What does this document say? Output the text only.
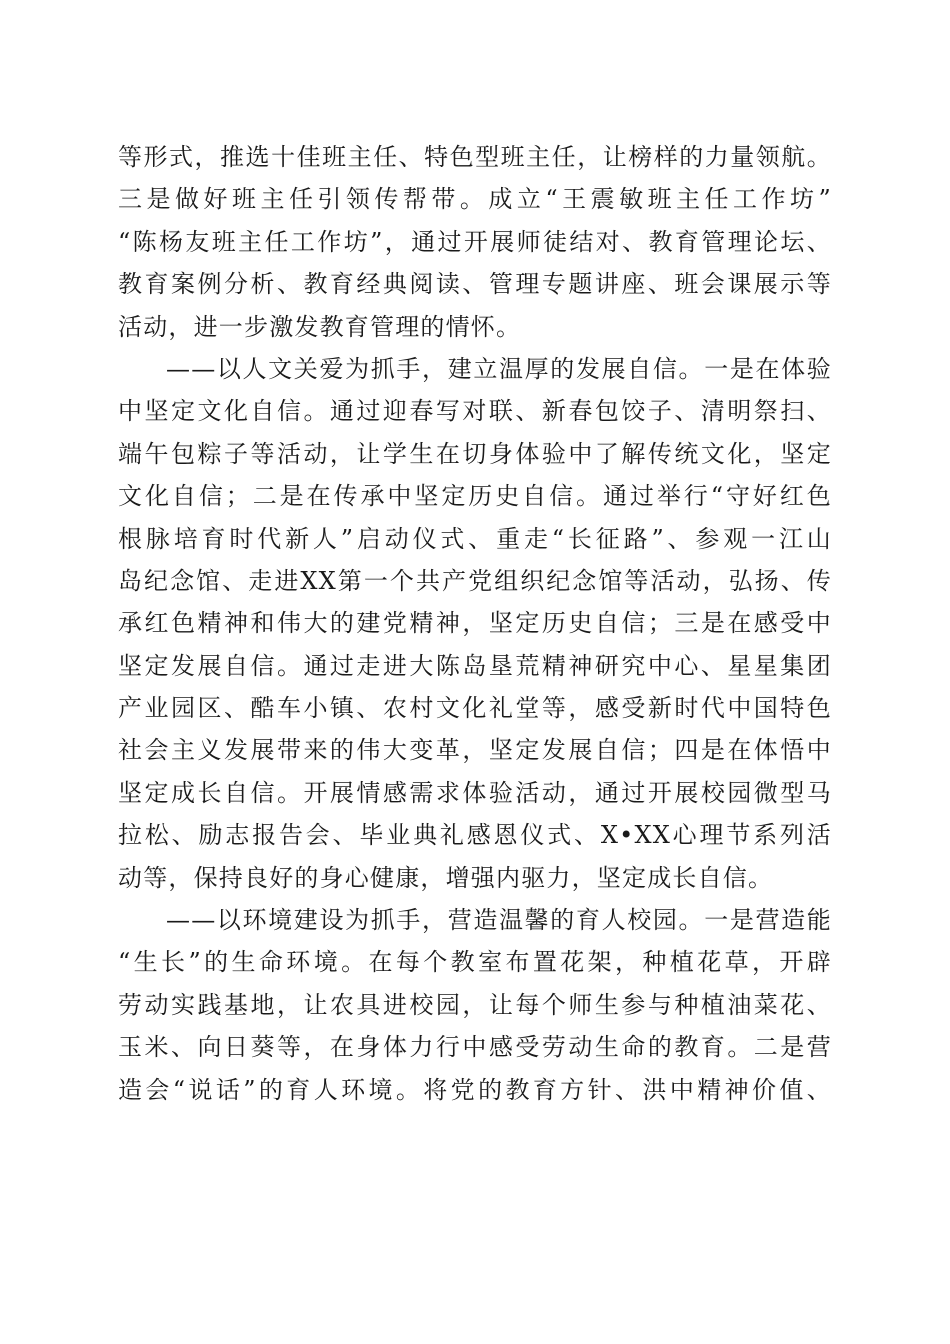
等形式，推选十佳班主任、特色型班主任，让榜样的力量领航。
三是做好班主任引领传帮带。成立“王震敏班主任工作坊”
“陈杨友班主任工作坊”，通过开展师徒结对、教育管理论坛、
教育案例分析、教育经典阅读、管理专题讲座、班会课展示等
活动，进一步激发教育管理的情怀。
——以人文关爱为抓手，建立温厚的发展自信。一是在体验
中坚定文化自信。通过迎春写对联、新春包饺子、清明祭扫、
端午包粽子等活动，让学生在切身体验中了解传统文化，坚定
文化自信；二是在传承中坚定历史自信。通过举行“守好红色
根脉培育时代新人”启动仪式、重走“长征路”、参观一江山
岛纪念馆、走进XX第一个共产党组织纪念馆等活动，弘扬、传
承红色精神和伟大的建党精神，坚定历史自信；三是在感受中
坚定发展自信。通过走进大陈岛垦荒精神研究中心、星星集团
产业园区、酷车小镇、农村文化礼堂等，感受新时代中国特色
社会主义发展带来的伟大变革，坚定发展自信；四是在体悟中
坚定成长自信。开展情感需求体验活动，通过开展校园微型马
拉松、励志报告会、毕业典礼感恩仪式、X•XX心理节系列活
动等，保持良好的身心健康，增强内驱力，坚定成长自信。
——以环境建设为抓手，营造温馨的育人校园。一是营造能
“生长”的生命环境。在每个教室布置花架，种植花草，开辟
劳动实践基地，让农具进校园，让每个师生参与种植油菜花、
玉米、向日葵等，在身体力行中感受劳动生命的教育。二是营
造会“说话”的育人环境。将党的教育方针、洪中精神价值、
